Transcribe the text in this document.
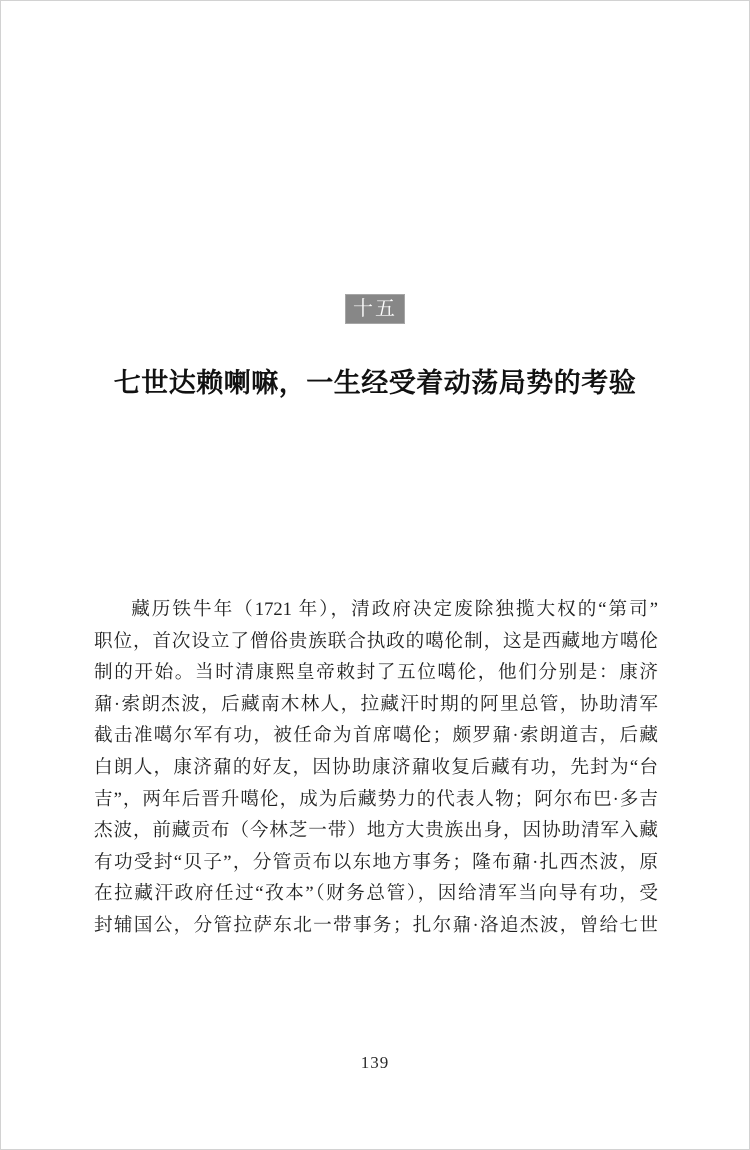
十五
七世达赖喇嘛，一生经受着动荡局势的考验
藏历铁牛年（1721 年），清政府决定废除独揽大权的“第司”
职位，首次设立了僧俗贵族联合执政的噶伦制，这是西藏地方噶伦
制的开始。当时清康熙皇帝敕封了五位噶伦，他们分别是：康济
鼐·索朗杰波，后藏南木林人，拉藏汗时期的阿里总管，协助清军
截击准噶尔军有功，被任命为首席噶伦；颇罗鼐·索朗道吉，后藏
白朗人，康济鼐的好友，因协助康济鼐收复后藏有功，先封为“台
吉”，两年后晋升噶伦，成为后藏势力的代表人物；阿尔布巴·多吉
杰波，前藏贡布（今林芝一带）地方大贵族出身，因协助清军入藏
有功受封“贝子”，分管贡布以东地方事务；隆布鼐·扎西杰波，原
在拉藏汗政府任过“孜本”（财务总管），因给清军当向导有功，受
封辅国公，分管拉萨东北一带事务；扎尔鼐·洛追杰波，曾给七世
139
